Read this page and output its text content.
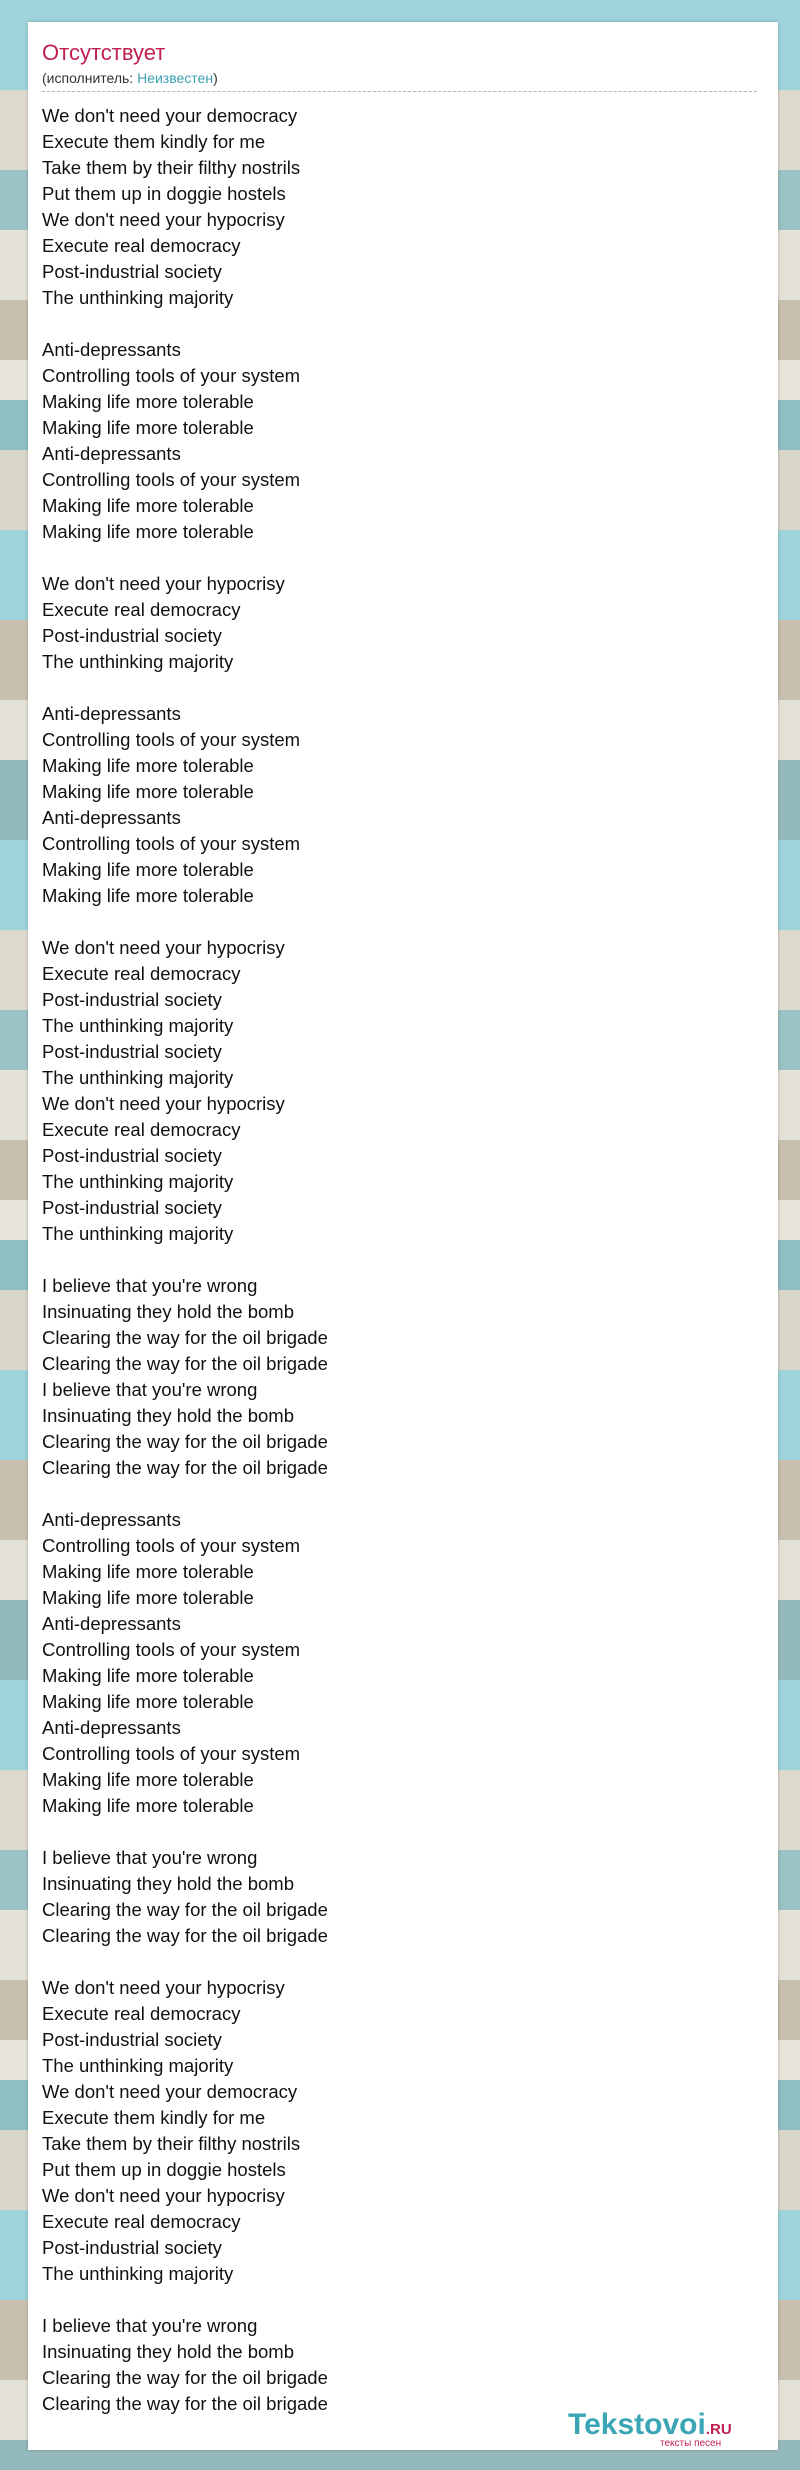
Отсутствует
(исполнитель: Неизвестен)
We don't need your democracy
Execute them kindly for me
Take them by their filthy nostrils
Put them up in doggie hostels
We don't need your hypocrisy
Execute real democracy
Post-industrial society
The unthinking majority
Anti-depressants
Controlling tools of your system
Making life more tolerable
Making life more tolerable
Anti-depressants
Controlling tools of your system
Making life more tolerable
Making life more tolerable
We don't need your hypocrisy
Execute real democracy
Post-industrial society
The unthinking majority
Anti-depressants
Controlling tools of your system
Making life more tolerable
Making life more tolerable
Anti-depressants
Controlling tools of your system
Making life more tolerable
Making life more tolerable
We don't need your hypocrisy
Execute real democracy
Post-industrial society
The unthinking majority
Post-industrial society
The unthinking majority
We don't need your hypocrisy
Execute real democracy
Post-industrial society
The unthinking majority
Post-industrial society
The unthinking majority
I believe that you're wrong
Insinuating they hold the bomb
Clearing the way for the oil brigade
Clearing the way for the oil brigade
I believe that you're wrong
Insinuating they hold the bomb
Clearing the way for the oil brigade
Clearing the way for the oil brigade
Anti-depressants
Controlling tools of your system
Making life more tolerable
Making life more tolerable
Anti-depressants
Controlling tools of your system
Making life more tolerable
Making life more tolerable
Anti-depressants
Controlling tools of your system
Making life more tolerable
Making life more tolerable
I believe that you're wrong
Insinuating they hold the bomb
Clearing the way for the oil brigade
Clearing the way for the oil brigade
We don't need your hypocrisy
Execute real democracy
Post-industrial society
The unthinking majority
We don't need your democracy
Execute them kindly for me
Take them by their filthy nostrils
Put them up in doggie hostels
We don't need your hypocrisy
Execute real democracy
Post-industrial society
The unthinking majority
I believe that you're wrong
Insinuating they hold the bomb
Clearing the way for the oil brigade
Clearing the way for the oil brigade
Tekstovoi.RU
тексты песен
